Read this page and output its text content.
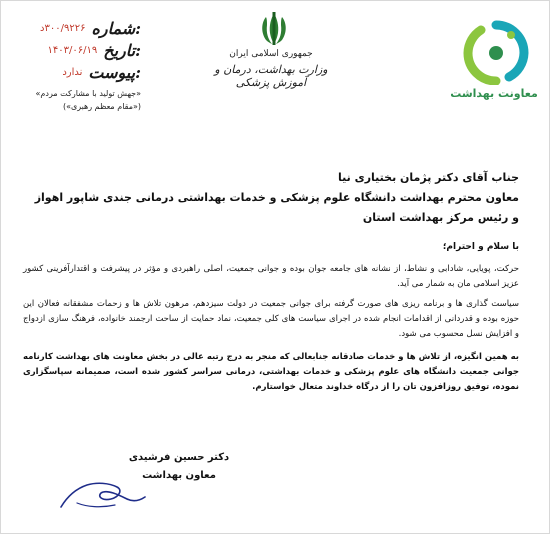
شماره:
۳۰۰/۹۲۲۶د
تاریخ:
۱۴۰۳/۰۶/۱۹
پیوست:
ندارد
«جهش تولید با مشارکت مردم»
(«مقام معظم رهبری»)
جمهوری اسلامی ایران
وزارت بهداشت، درمان و آموزش پزشکی
معاونت بهداشت
جناب آقای دکتر پژمان بختیاری نیا
معاون محترم بهداشت دانشگاه علوم پزشکی و خدمات بهداشتی درمانی جندی شاپور اهواز و رئیس مرکز بهداشت استان
با سلام و احترام؛
حرکت، پویایی، شادابی و نشاط، از نشانه های جامعه جوان بوده و جوانی جمعیت، اصلی راهبردی و مؤثر در پیشرفت و اقتدارآفرینی کشور عزیز اسلامی مان به شمار می آید.
سیاست گذاری ها و برنامه ریزی های صورت گرفته برای جوانی جمعیت در دولت سیزدهم، مرهون تلاش ها و زحمات مشفقانه فعالان این حوزه بوده و قدردانی از اقدامات انجام شده در اجرای سیاست های کلی جمعیت، نماد حمایت از ساحت ارجمند خانواده، فرهنگ سازی ازدواج و افزایش نسل محسوب می شود.
به همین انگیزه، از تلاش ها و خدمات صادقانه جنابعالی که منجر به درج رتبه عالی در بخش معاونت های بهداشت کارنامه جوانی جمعیت دانشگاه های علوم پزشکی و خدمات بهداشتی، درمانی سراسر کشور شده است، صمیمانه سپاسگزاری نموده، توفیق روزافزون تان را از درگاه خداوند متعال خواستارم.
دکتر حسین فرشیدی
معاون بهداشت
